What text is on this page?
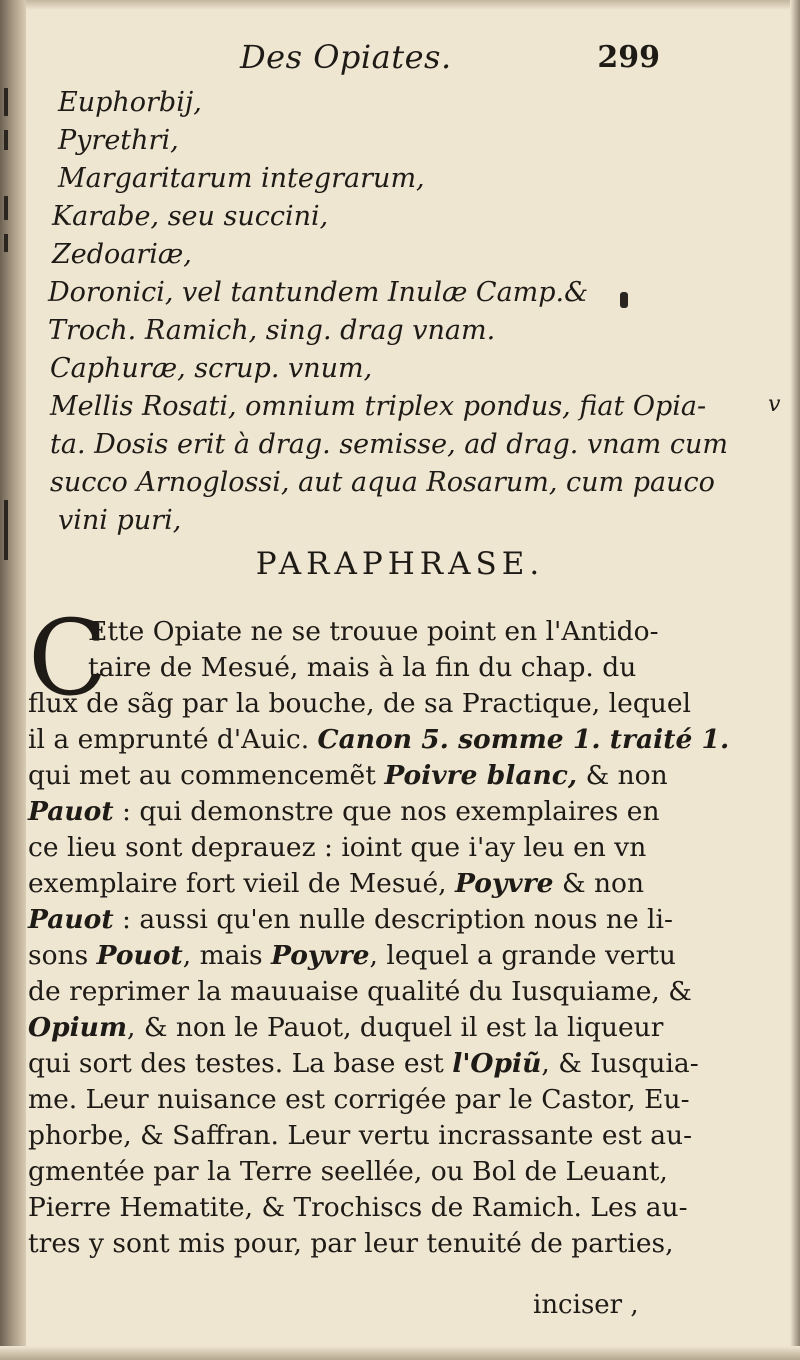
Des Opiates.	299
Euphorbij,
Pyrethri,
Margaritarum integrarum,
Karabe, seu succini,
Zedoariæ,
Doronici, vel tantundem Inulæ Camp.&
Troch. Ramich, sing. drag vnam.
Caphuræ, scrup. vnum,
Mellis Rosati, omnium triplex pondus, fiat Opia-
ta. Dosis erit à drag. semisse, ad drag. vnam cum
succo Arnoglossi, aut aqua Rosarum, cum pauco
vini puri,
v
PARAPHRASE.
C
Ette Opiate ne se trouue point en l'Antido-
taire de Mesué, mais à la fin du chap. du
flux de sãg par la bouche, de sa Practique, lequel
il a emprunté d'Auic. Canon 5. somme 1. traité 1.
qui met au commencemẽt Poivre blanc, & non
Pauot : qui demonstre que nos exemplaires en
ce lieu sont deprauez : ioint que i'ay leu en vn
exemplaire fort vieil de Mesué, Poyvre & non
Pauot : aussi qu'en nulle description nous ne li-
sons Pouot, mais Poyvre, lequel a grande vertu
de reprimer la mauuaise qualité du Iusquiame, &
Opium, & non le Pauot, duquel il est la liqueur
qui sort des testes. La base est l'Opiũ, & Iusquia-
me. Leur nuisance est corrigée par le Castor, Eu-
phorbe, & Saffran. Leur vertu incrassante est au-
gmentée par la Terre seellée, ou Bol de Leuant,
Pierre Hematite, & Trochiscs de Ramich. Les au-
tres y sont mis pour, par leur tenuité de parties,
inciser ,
